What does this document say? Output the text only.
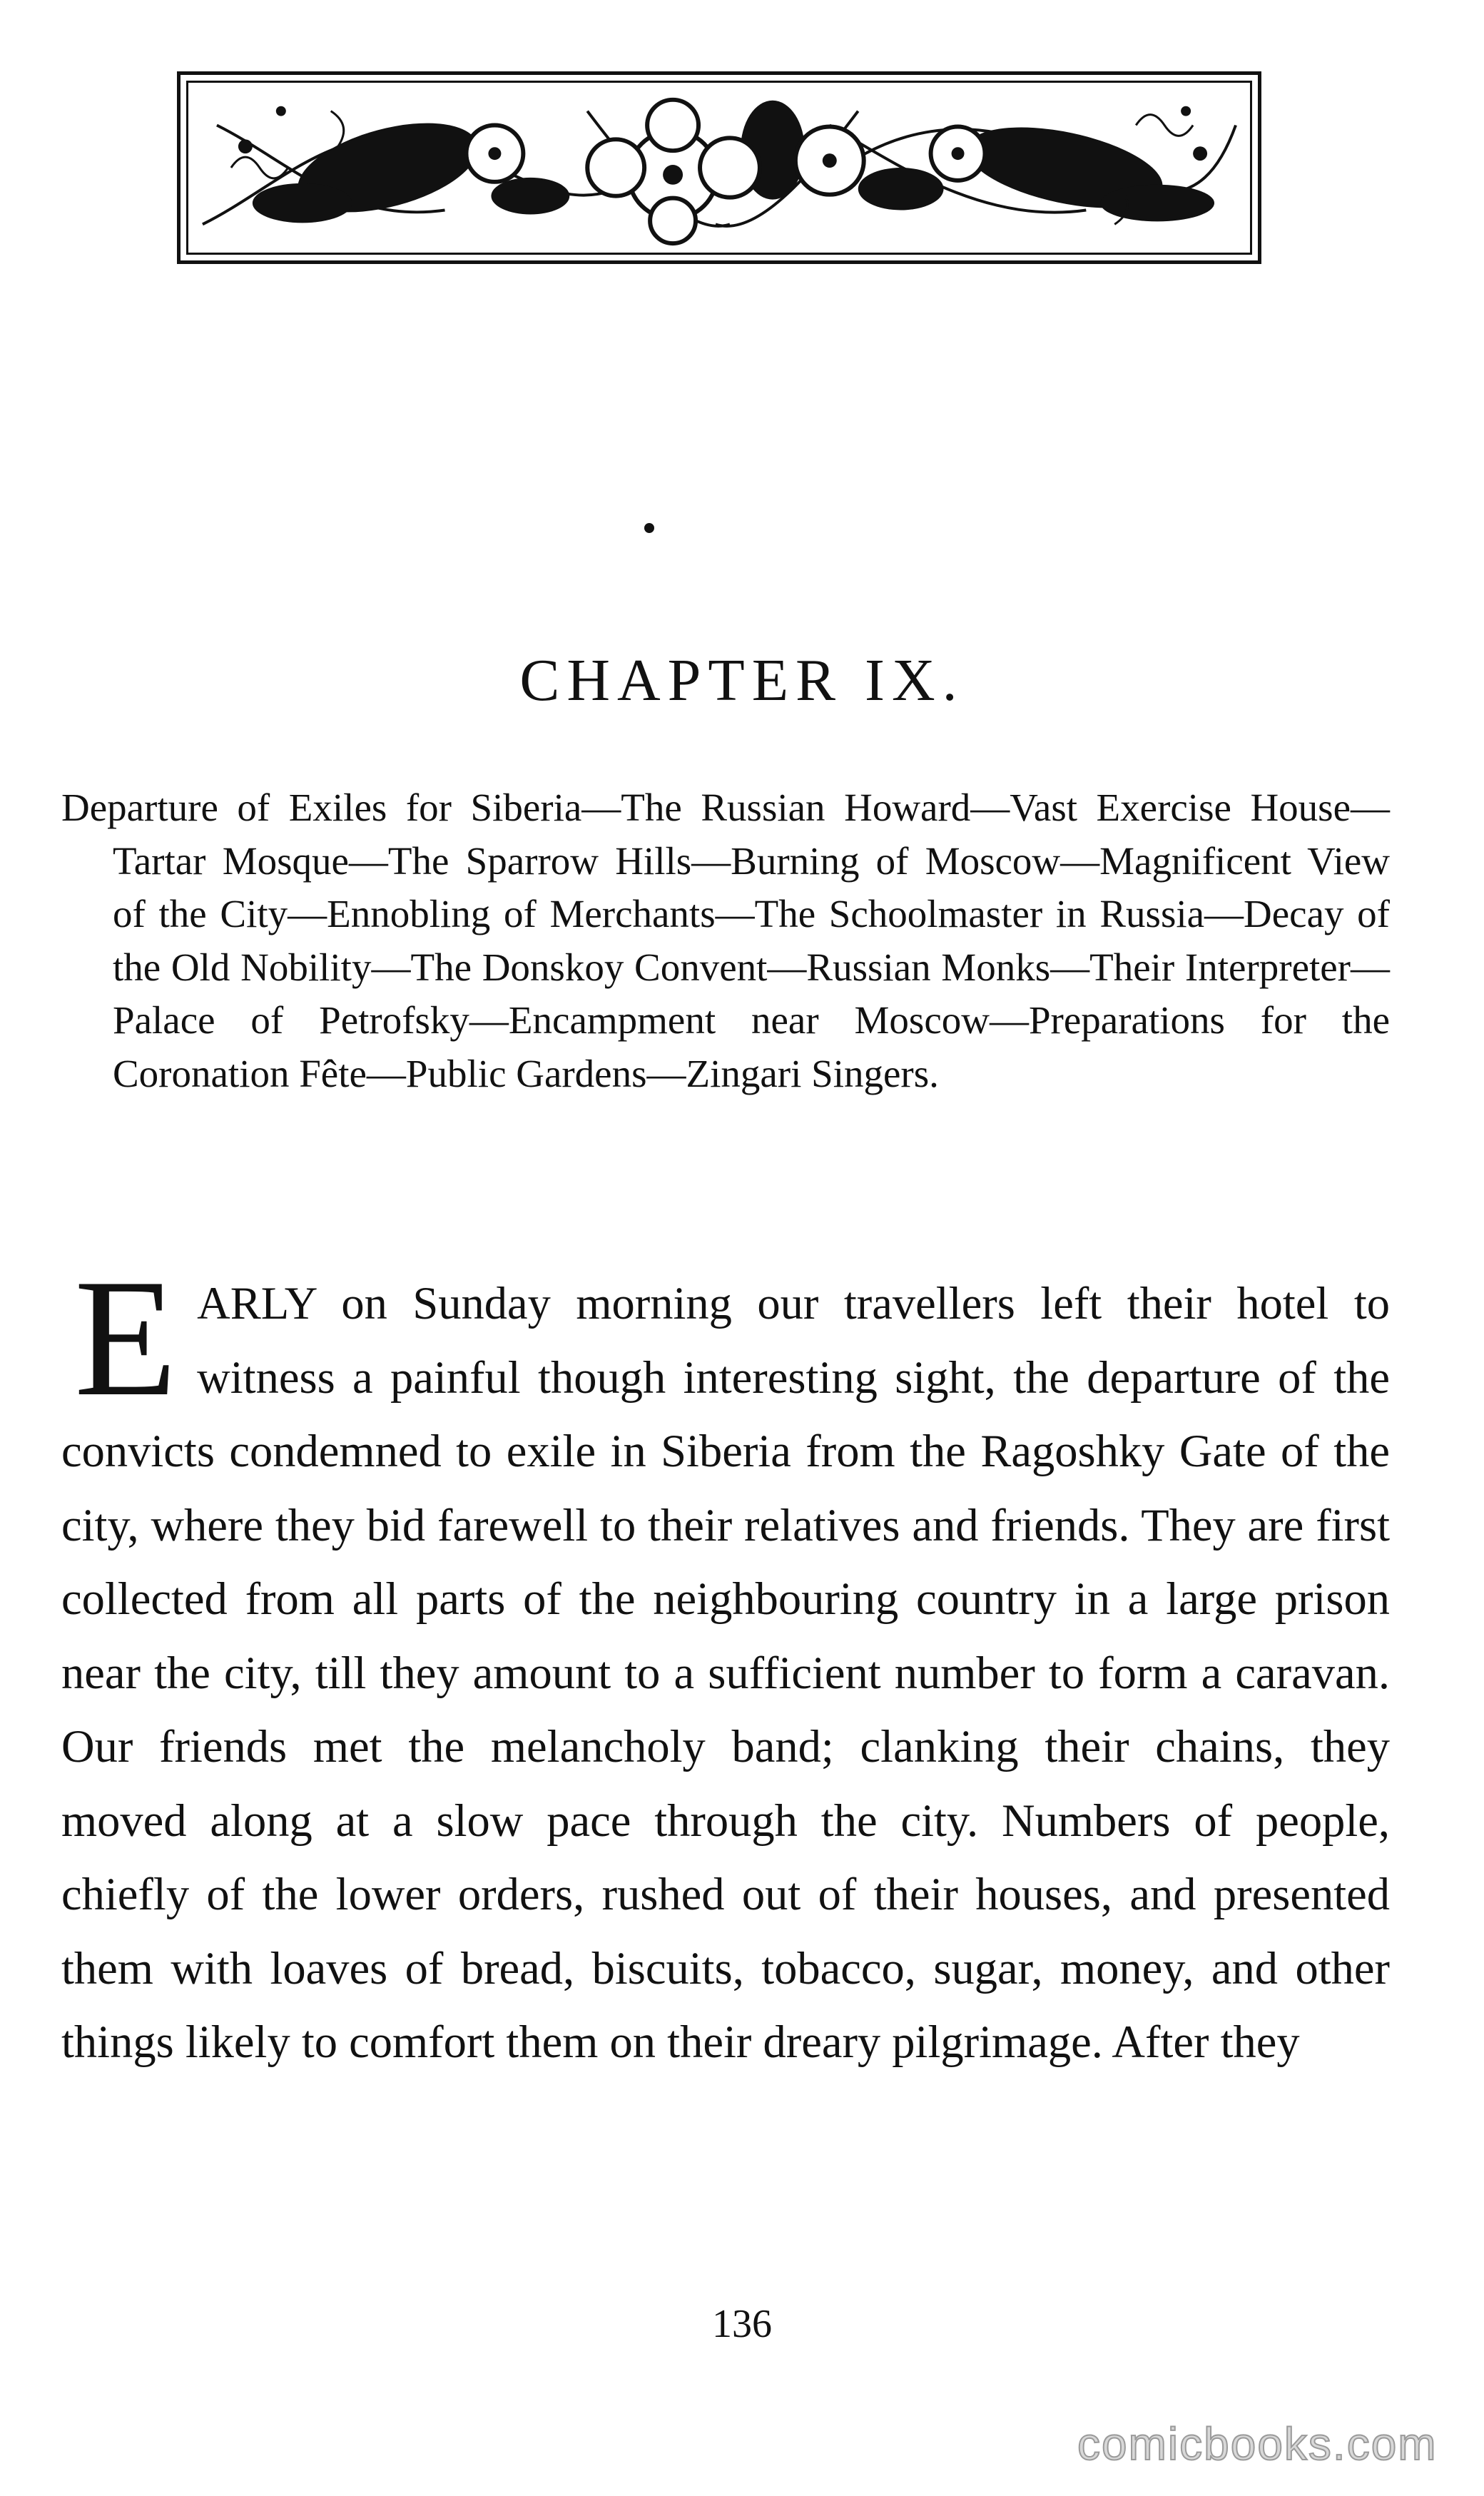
CHAPTER IX.

Departure of Exiles for Siberia—The Russian Howard—Vast Exercise House—Tartar Mosque—The Sparrow Hills—Burning of Moscow—Magnificent View of the City—Ennobling of Merchants—The Schoolmaster in Russia—Decay of the Old Nobility—The Donskoy Convent—Russian Monks—Their Interpreter—Palace of Petrofsky—Encampment near Moscow—Preparations for the Coronation Fête—Public Gardens—Zingari Singers.

EARLY on Sunday morning our travellers left their hotel to witness a painful though interesting sight, the departure of the convicts condemned to exile in Siberia from the Ragoshky Gate of the city, where they bid farewell to their relatives and friends. They are first collected from all parts of the neighbouring country in a large prison near the city, till they amount to a sufficient number to form a caravan. Our friends met the melancholy band; clanking their chains, they moved along at a slow pace through the city. Numbers of people, chiefly of the lower orders, rushed out of their houses, and presented them with loaves of bread, biscuits, tobacco, sugar, money, and other things likely to comfort them on their dreary pilgrimage. After they
136
comicbooks.com
